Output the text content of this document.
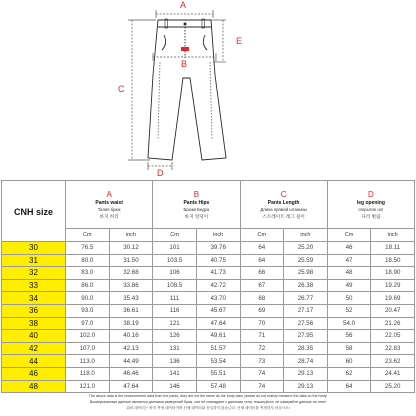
A
B
C
D
E
CNH size	A
Pants waist
Талия брюк
바지 허리		B
Pants Hips
Брюки Бедра
바지 엉덩이		C
Pants Length
Длина прямой штанины
스트레이트 레그 길이		D
leg opening
открытие ног
다리 벌림	

	Cm	inch	Cm	inch	Cm	inch	Cm	inch
30	76.5	30.12	101	39.76	64	25.20	46	18.11
31	80.0	31.50	103.5	40.75	64	25.59	47	18.50
32	83.0	32.68	106	41.73	66	25.98	48	18.90
33	86.0	33.86	108.5	42.72	67	26.38	49	19.29
34	90.0	35.43	111	43.70	68	26.77	50	19.69
36	93.0	36.61	116	45.67	69	27.17	52	20.47
38	97.0	38.19	121	47.64	70	27.56	54.0	21.26
40	102.0	40.16	126	49.61	71	27.95	56	22.05
42	107.0	42.13	131	51.57	72	28.35	58	22.83
44	113.0	44.49	136	53.54	73	28.74	60	23.62
46	118.0	46.46	141	55.51	74	29.13	62	24.41
48	121.0	47.64	146	57.48	74	29.13	64	25.20
The above data is the measurement data from the pants, they are not the same as the body data, please do not mainly measure the data on the body!
Вышеуказанные данные являются данными измерений брюк, они не совпадают с данными тела, пожалуйста, не измеряйте данные на теле!
위의 데이터는 바지 측정 데이터이며 신체 데이터와 동일하지 않습니다. 신체 데이터를 측정하지 마십시오!
